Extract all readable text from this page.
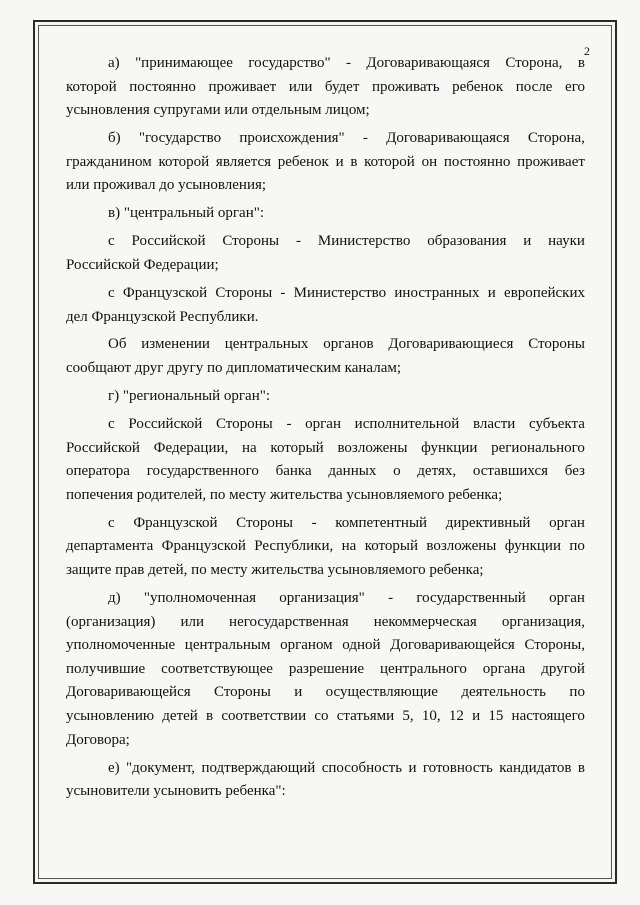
2
а) "принимающее государство" - Договаривающаяся Сторона, в
которой постоянно проживает или будет проживать ребенок после его
усыновления супругами или отдельным лицом;
б) "государство происхождения" - Договаривающаяся Сторона,
гражданином которой является ребенок и в которой он постоянно проживает
или проживал до усыновления;
в) "центральный орган":
с Российской Стороны - Министерство образования и науки
Российской Федерации;
с Французской Стороны - Министерство иностранных и европейских
дел Французской Республики.
Об изменении центральных органов Договаривающиеся Стороны
сообщают друг другу по дипломатическим каналам;
г) "региональный орган":
с Российской Стороны - орган исполнительной власти субъекта
Российской Федерации, на который возложены функции регионального
оператора государственного банка данных о детях, оставшихся без
попечения родителей, по месту жительства усыновляемого ребенка;
с Французской Стороны - компетентный директивный орган
департамента Французской Республики, на который возложены функции по
защите прав детей, по месту жительства усыновляемого ребенка;
д) "уполномоченная организация" - государственный орган
(организация) или негосударственная некоммерческая организация,
уполномоченные центральным органом одной Договаривающейся Стороны,
получившие соответствующее разрешение центрального органа другой
Договаривающейся Стороны и осуществляющие деятельность по
усыновлению детей в соответствии со статьями 5, 10, 12 и 15 настоящего
Договора;
е) "документ, подтверждающий способность и готовность кандидатов в
усыновители усыновить ребенка":
